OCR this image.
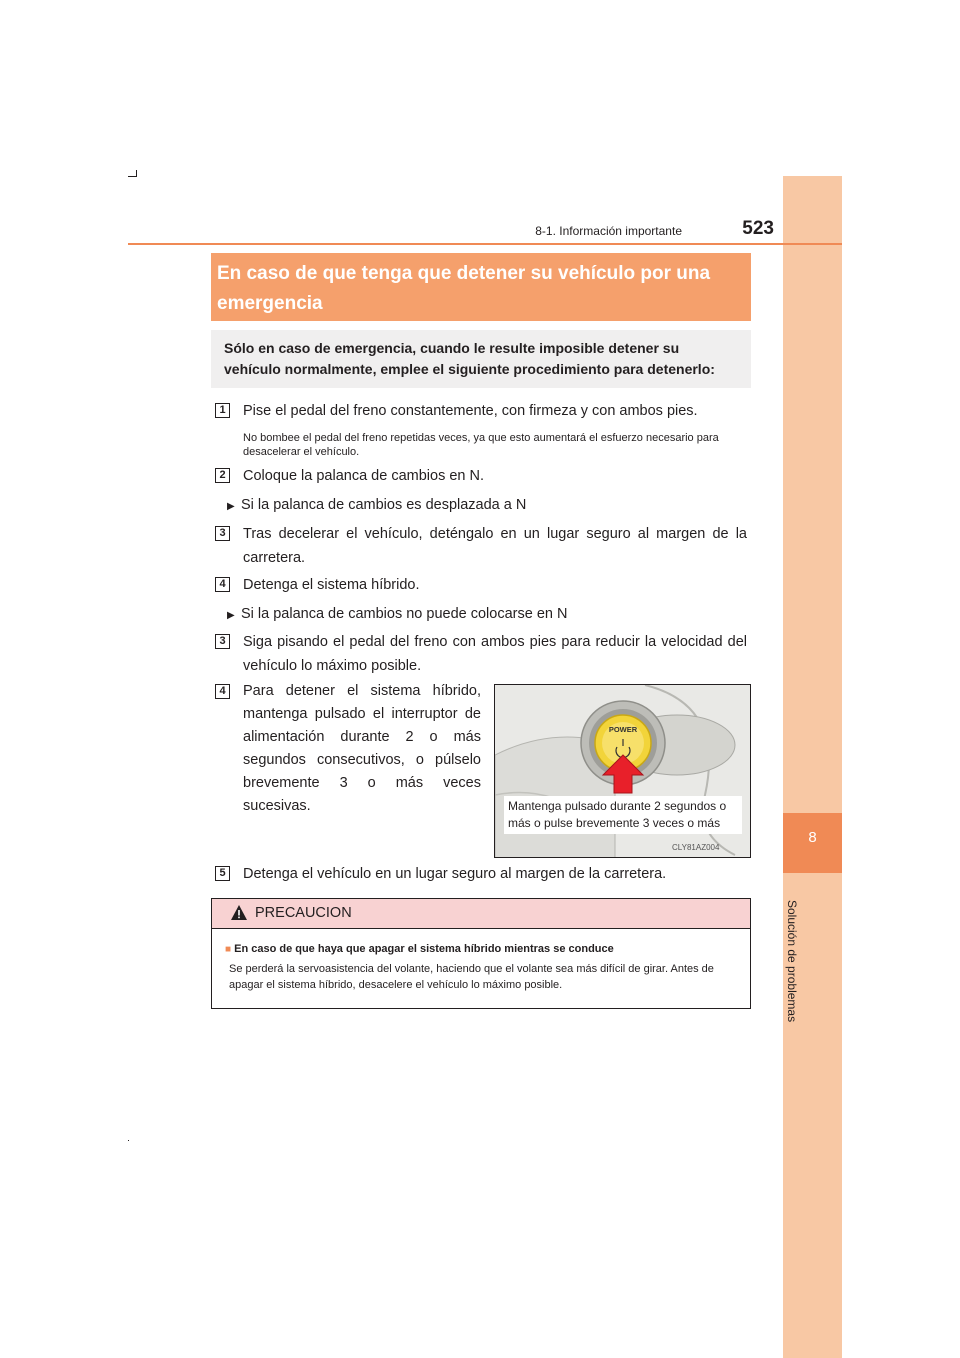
8
Solución de problemas
8-1. Información importante	523
En caso de que tenga que detener su vehículo por una emergencia

Sólo en caso de emergencia, cuando le resulte imposible detener su vehículo normalmente, emplee el siguiente procedimiento para detenerlo:

1	Pise el pedal del freno constantemente, con firmeza y con ambos pies.
No bombee el pedal del freno repetidas veces, ya que esto aumentará el esfuerzo necesario para desacelerar el vehículo.
2	Coloque la palanca de cambios en N.
▶ Si la palanca de cambios es desplazada a N
3	Tras decelerar el vehículo, deténgalo en un lugar seguro al margen de la carretera.
4	Detenga el sistema híbrido.
▶ Si la palanca de cambios no puede colocarse en N
3	Siga pisando el pedal del freno con ambos pies para reducir la velocidad del vehículo lo máximo posible.
4	Para detener el sistema híbrido, mantenga pulsado el interruptor de alimentación durante 2 o más segundos consecutivos, o púlselo brevemente 3 o más veces sucesivas.
POWER
Mantenga pulsado durante 2 segundos o más o pulse brevemente 3 veces o más
CLY81AZ004
5	Detenga el vehículo en un lugar seguro al margen de la carretera.
PRECAUCION
■ En caso de que haya que apagar el sistema híbrido mientras se conduce
Se perderá la servoasistencia del volante, haciendo que el volante sea más difícil de girar. Antes de apagar el sistema híbrido, desacelere el vehículo lo máximo posible.
